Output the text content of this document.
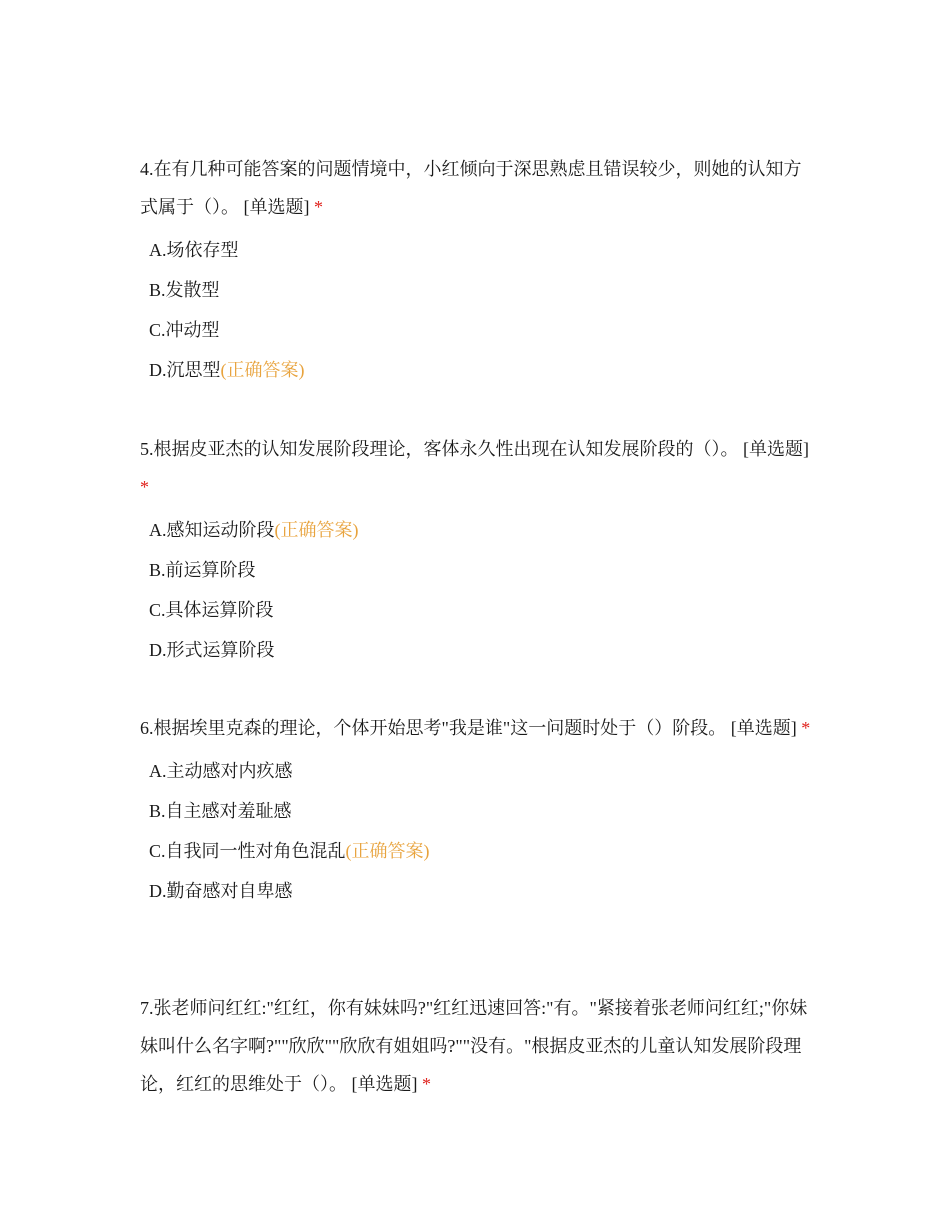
4.在有几种可能答案的问题情境中，小红倾向于深思熟虑且错误较少，则她的认知方式属于（）。 [单选题] *

A.场依存型
B.发散型
C.冲动型
D.沉思型(正确答案)

5.根据皮亚杰的认知发展阶段理论，客体永久性出现在认知发展阶段的（）。 [单选题] *

A.感知运动阶段(正确答案)
B.前运算阶段
C.具体运算阶段
D.形式运算阶段

6.根据埃里克森的理论，个体开始思考"我是谁"这一问题时处于（）阶段。 [单选题] *

A.主动感对内疚感
B.自主感对羞耻感
C.自我同一性对角色混乱(正确答案)
D.勤奋感对自卑感

7.张老师问红红:"红红，你有妹妹吗?"红红迅速回答:"有。"紧接着张老师问红红;"你妹妹叫什么名字啊?""欣欣""欣欣有姐姐吗?""没有。"根据皮亚杰的儿童认知发展阶段理论，红红的思维处于（）。 [单选题] *
